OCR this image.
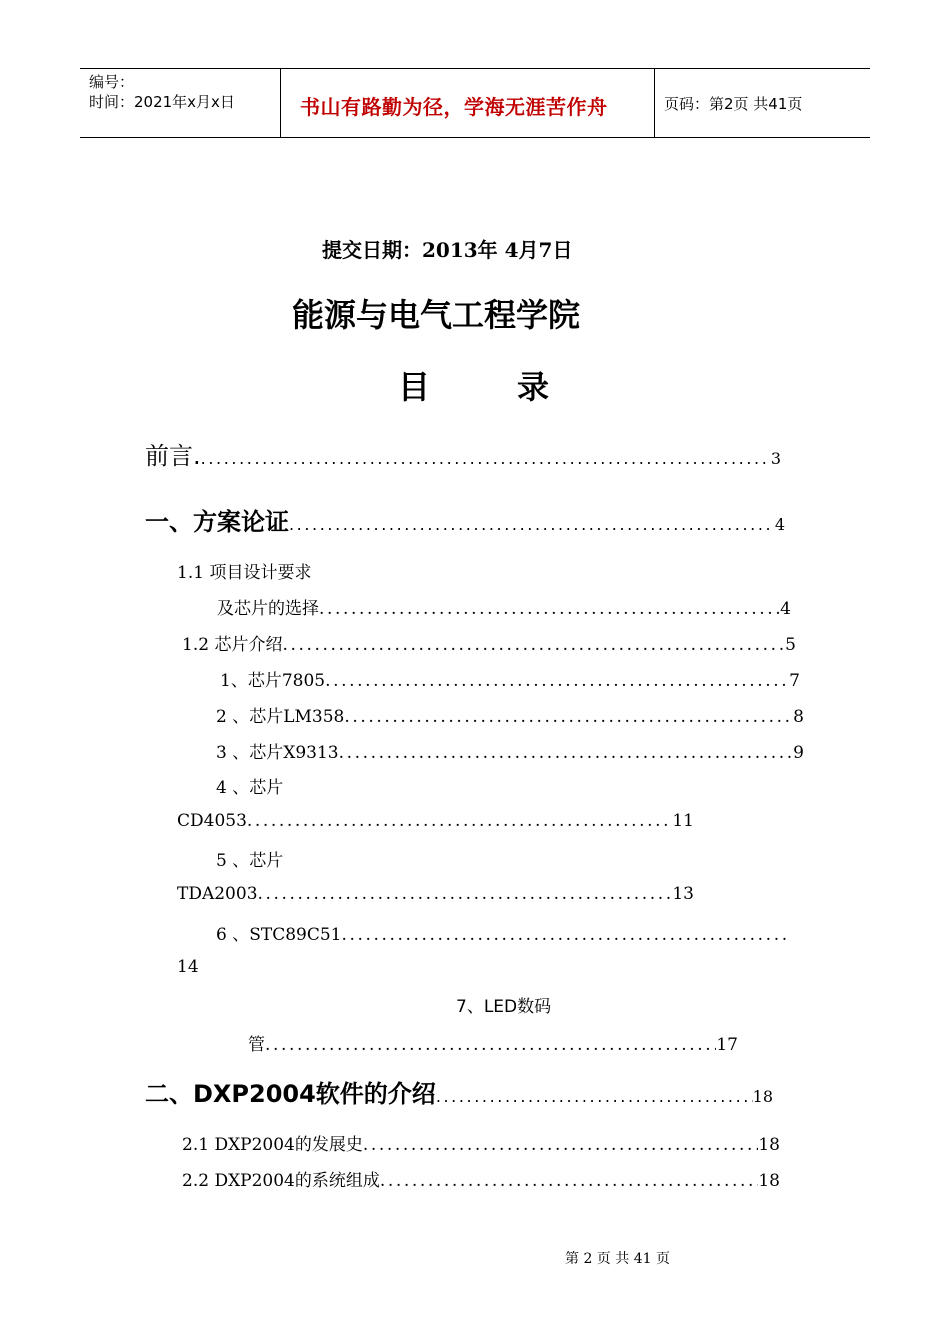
编号：
时间：2021年x月x日	书山有路勤为径，学海无涯苦作舟	页码：第2页 共41页
提交日期：2013年 4月7日
能源与电气工程学院
目	录
前言. .....	3
一、方案论证 .....	4
1.1 项目设计要求
及芯片的选择 .....	4
1.2 芯片介绍 .....	5
1、芯片7805 .....	7
2 、芯片LM358 .....	8
3 、芯片X9313 .....	9
4 、芯片
CD4053 .....	11
5 、芯片
TDA2003 .....	13
6 、STC89C51
.....
14
7、LED数码
管 .....	17
二、DXP2004软件的介绍 .....	18
2.1 DXP2004的发展史 .....	18
2.2 DXP2004的系统组成 .....	18
第 2 页 共 41 页
